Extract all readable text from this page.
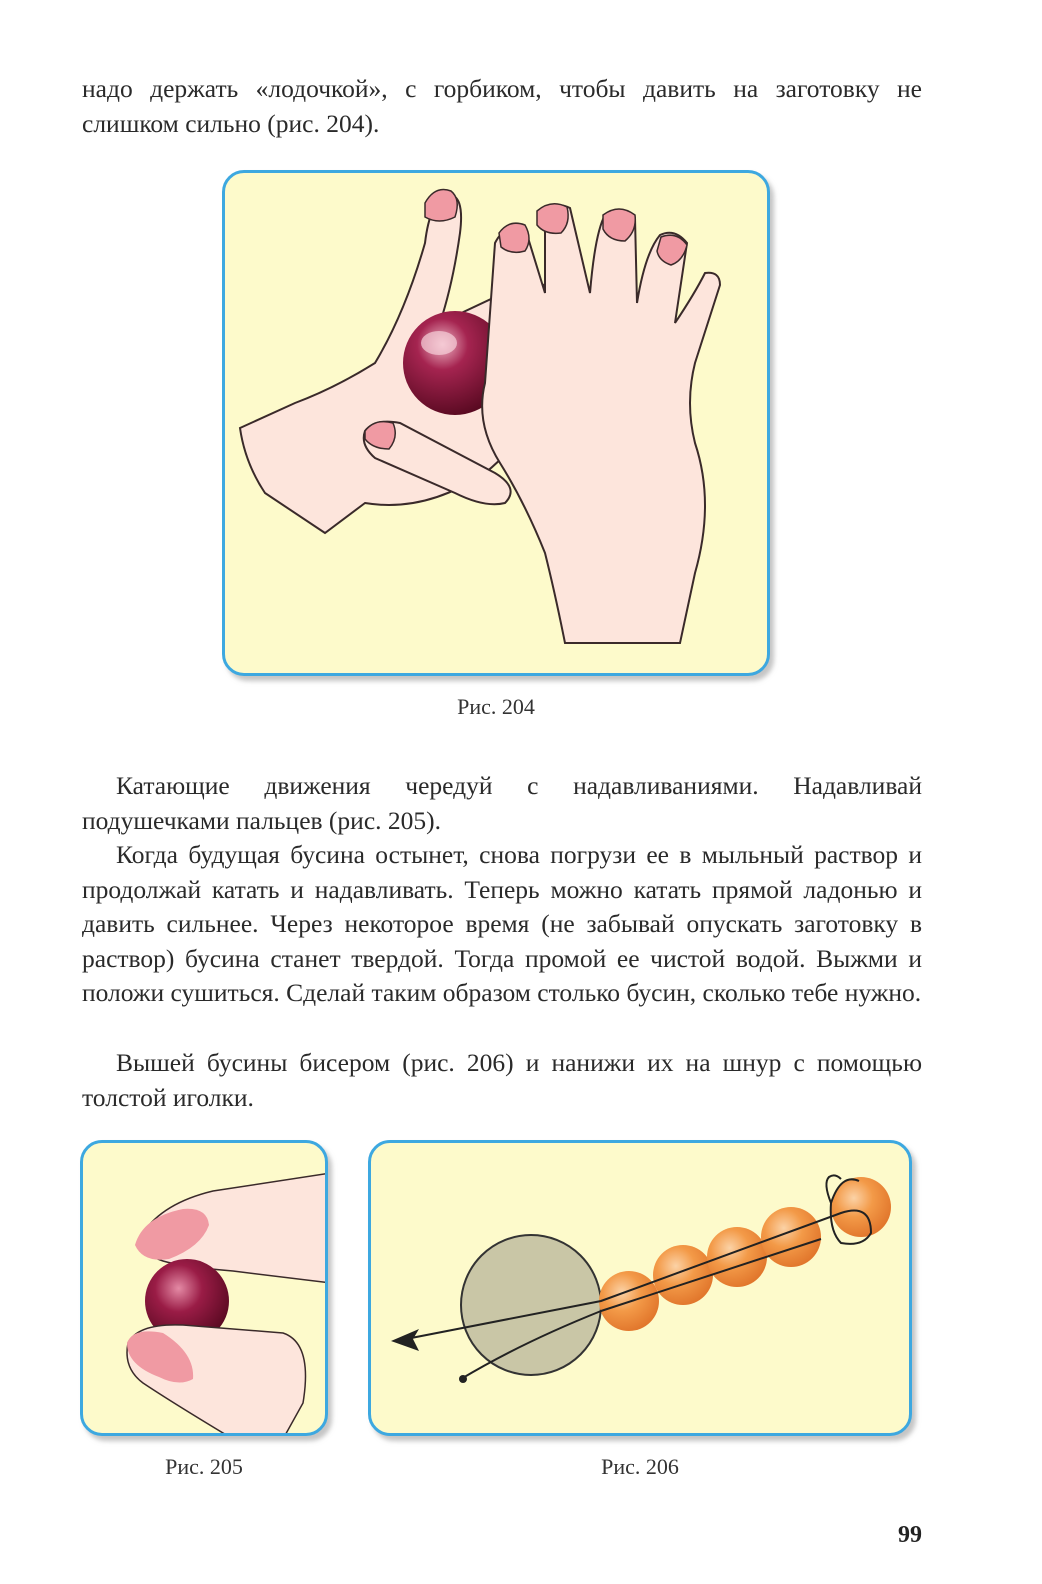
надо держать «лодочкой», с горбиком, чтобы давить на заготовку не слишком сильно (рис. 204).

Рис. 204

Катающие движения чередуй с надавливаниями. Надавливай подушечками пальцев (рис. 205).

Когда будущая бусина остынет, снова погрузи ее в мыльный раствор и продолжай катать и надавливать. Теперь можно катать прямой ладонью и давить сильнее. Через некоторое время (не забывай опускать заготовку в раствор) бусина станет твердой. Тогда промой ее чистой водой. Выжми и положи сушиться. Сделай таким образом столько бусин, сколько тебе нужно.

Вышей бусины бисером (рис. 206) и нанижи их на шнур с помощью толстой иголки.

Рис. 205	Рис. 206
99
